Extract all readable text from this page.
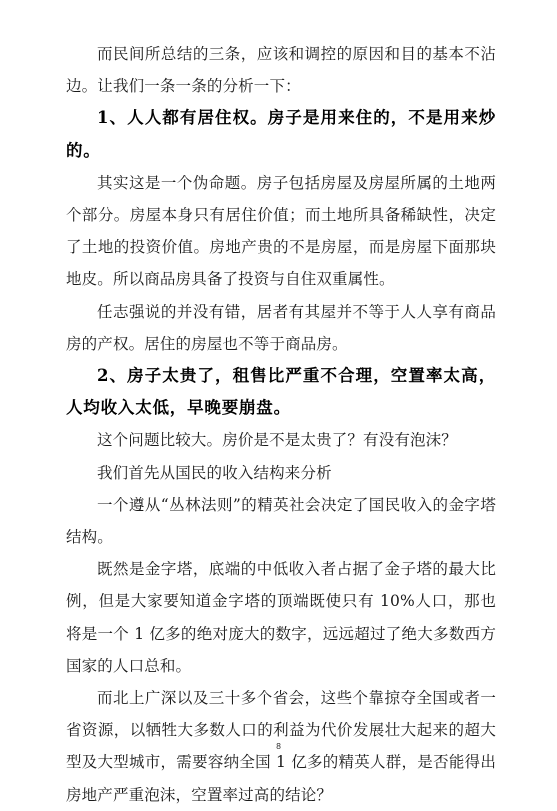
而民间所总结的三条，应该和调控的原因和目的基本不沾边。让我们一条一条的分析一下：

1、人人都有居住权。房子是用来住的，不是用来炒的。

其实这是一个伪命题。房子包括房屋及房屋所属的土地两个部分。房屋本身只有居住价值；而土地所具备稀缺性，决定了土地的投资价值。房地产贵的不是房屋，而是房屋下面那块地皮。所以商品房具备了投资与自住双重属性。

任志强说的并没有错，居者有其屋并不等于人人享有商品房的产权。居住的房屋也不等于商品房。

2、房子太贵了，租售比严重不合理，空置率太高，人均收入太低，早晚要崩盘。

这个问题比较大。房价是不是太贵了？有没有泡沫？

我们首先从国民的收入结构来分析

一个遵从“丛林法则”的精英社会决定了国民收入的金字塔结构。

既然是金字塔，底端的中低收入者占据了金子塔的最大比例，但是大家要知道金字塔的顶端既使只有 10%人口，那也将是一个 1 亿多的绝对庞大的数字，远远超过了绝大多数西方国家的人口总和。

而北上广深以及三十多个省会，这些个靠掠夺全国或者一省资源，以牺牲大多数人口的利益为代价发展壮大起来的超大型及大型城市，需要容纳全国 1 亿多的精英人群，是否能得出房地产严重泡沫，空置率过高的结论？

8
